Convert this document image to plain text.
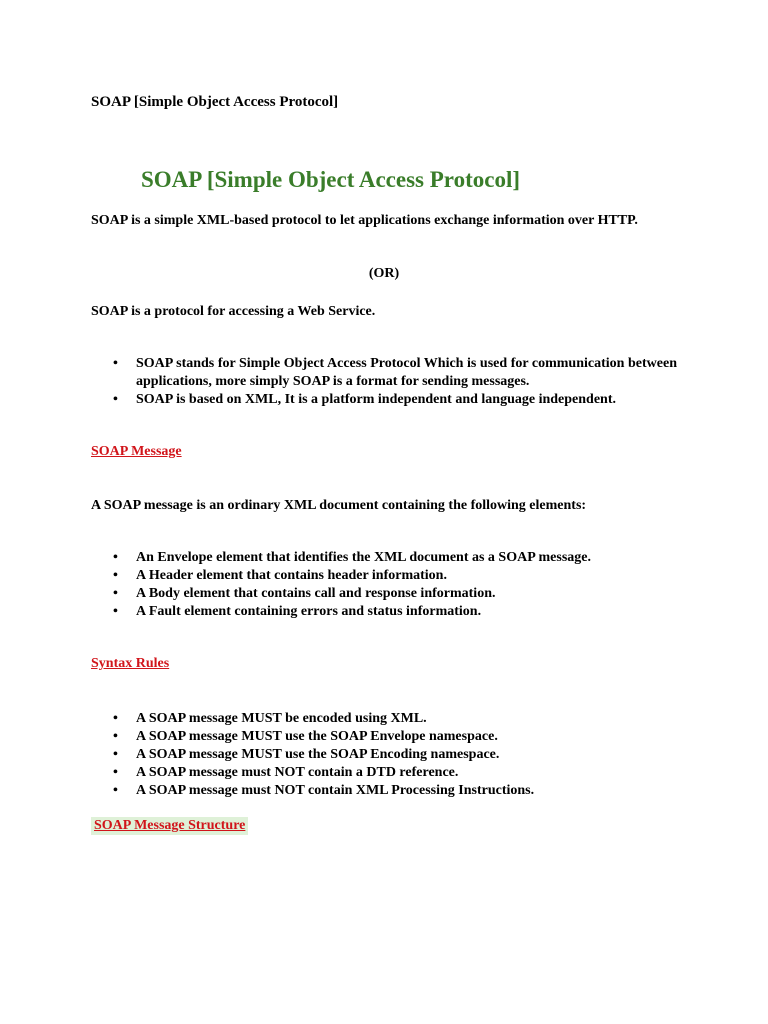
SOAP [Simple Object Access Protocol]
SOAP [Simple Object Access Protocol]
SOAP is a simple XML-based protocol to let applications exchange information over HTTP.
(OR)
SOAP is a protocol for accessing a Web Service.
• SOAP stands for Simple Object Access Protocol Which is used for communication between applications, more simply SOAP is a format for sending messages.
• SOAP is based on XML, It is a platform independent and language independent.
SOAP Message
A SOAP message is an ordinary XML document containing the following elements:
• An Envelope element that identifies the XML document as a SOAP message.
• A Header element that contains header information.
• A Body element that contains call and response information.
• A Fault element containing errors and status information.
Syntax Rules
• A SOAP message MUST be encoded using XML.
• A SOAP message MUST use the SOAP Envelope namespace.
• A SOAP message MUST use the SOAP Encoding namespace.
• A SOAP message must NOT contain a DTD reference.
• A SOAP message must NOT contain XML Processing Instructions.
SOAP Message Structure
